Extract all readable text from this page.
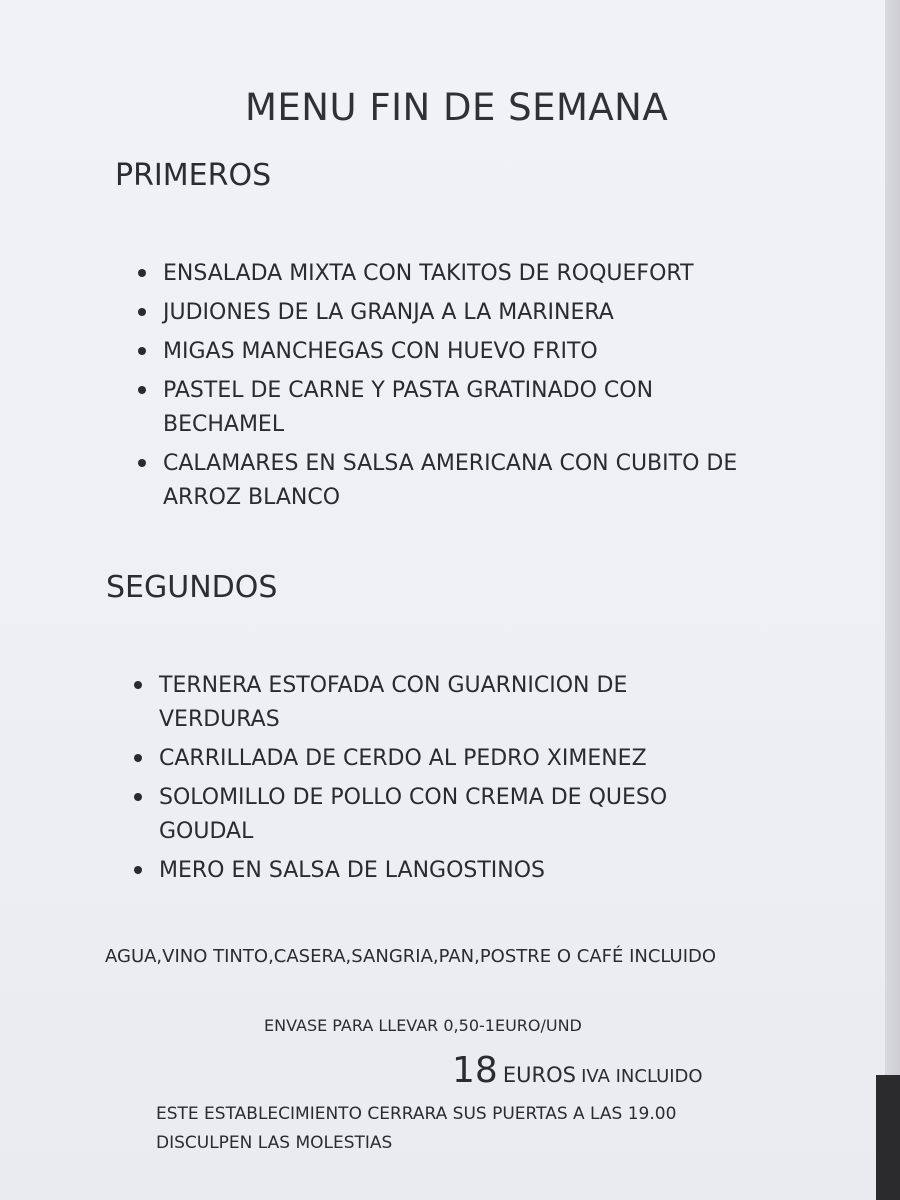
MENU FIN DE SEMANA
PRIMEROS
ENSALADA MIXTA CON TAKITOS DE ROQUEFORT
JUDIONES DE LA GRANJA A LA MARINERA
MIGAS MANCHEGAS CON HUEVO FRITO
PASTEL DE CARNE Y PASTA GRATINADO CON BECHAMEL
CALAMARES EN SALSA AMERICANA CON CUBITO DE ARROZ BLANCO
SEGUNDOS
TERNERA ESTOFADA CON GUARNICION DE VERDURAS
CARRILLADA DE CERDO AL PEDRO XIMENEZ
SOLOMILLO DE POLLO CON CREMA DE QUESO GOUDAL
MERO EN SALSA DE LANGOSTINOS

AGUA,VINO TINTO,CASERA,SANGRIA,PAN,POSTRE O CAFÉ INCLUIDO

ENVASE PARA LLEVAR 0,50-1EURO/UND

18 EUROS IVA INCLUIDO

ESTE ESTABLECIMIENTO CERRARA SUS PUERTAS A LAS 19.00
DISCULPEN LAS MOLESTIAS
